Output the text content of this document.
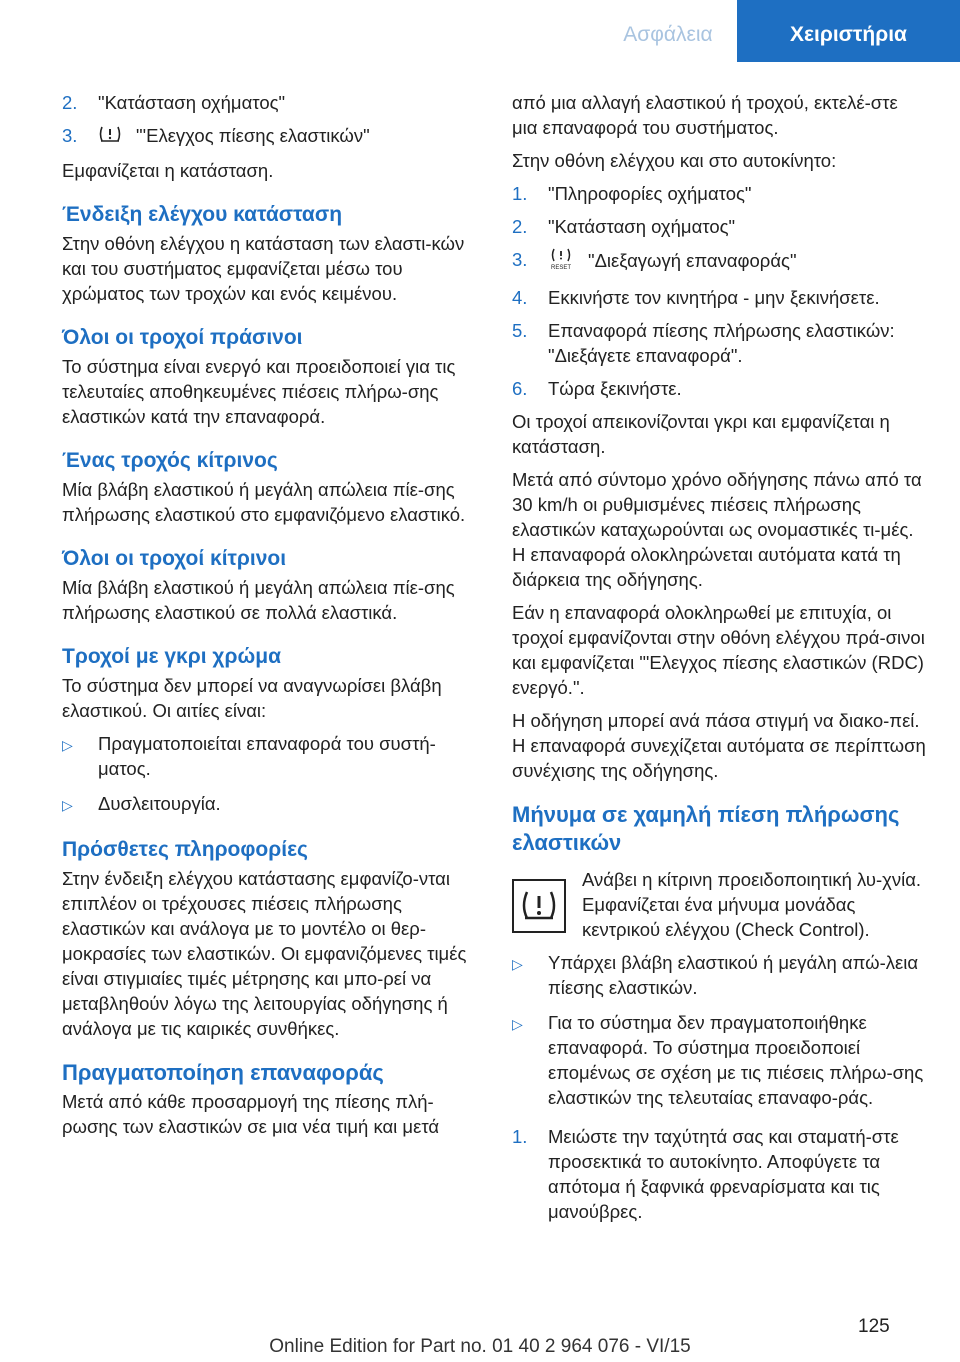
Ασφάλεια	Χειριστήρια
2.	"Κατάσταση οχήματος"
3.	"'Ελεγχος πίεσης ελαστικών"
Εμφανίζεται η κατάσταση.
Ένδειξη ελέγχου κατάσταση
Στην οθόνη ελέγχου η κατάσταση των ελαστι‐κών και του συστήματος εμφανίζεται μέσω του χρώματος των τροχών και ενός κειμένου.
Όλοι οι τροχοί πράσινοι
Το σύστημα είναι ενεργό και προειδοποιεί για τις τελευταίες αποθηκευμένες πιέσεις πλήρω‐σης ελαστικών κατά την επαναφορά.
Ένας τροχός κίτρινος
Μία βλάβη ελαστικού ή μεγάλη απώλεια πίε‐σης πλήρωσης ελαστικού στο εμφανιζόμενο ελαστικό.
Όλοι οι τροχοί κίτρινοι
Μία βλάβη ελαστικού ή μεγάλη απώλεια πίε‐σης πλήρωσης ελαστικού σε πολλά ελαστικά.
Τροχοί με γκρι χρώμα
Το σύστημα δεν μπορεί να αναγνωρίσει βλάβη ελαστικού. Οι αιτίες είναι:
▷	Πραγματοποιείται επαναφορά του συστή‐ματος.
▷	Δυσλειτουργία.
Πρόσθετες πληροφορίες
Στην ένδειξη ελέγχου κατάστασης εμφανίζο‐νται επιπλέον οι τρέχουσες πιέσεις πλήρωσης ελαστικών και ανάλογα με το μοντέλο οι θερ‐μοκρασίες των ελαστικών. Οι εμφανιζόμενες τιμές είναι στιγμιαίες τιμές μέτρησης και μπο‐ρεί να μεταβληθούν λόγω της λειτουργίας οδήγησης ή ανάλογα με τις καιρικές συνθήκες.
Πραγματοποίηση επαναφοράς
Μετά από κάθε προσαρμογή της πίεσης πλή‐ρωσης των ελαστικών σε μια νέα τιμή και μετά
από μια αλλαγή ελαστικού ή τροχού, εκτελέ‐στε μια επαναφορά του συστήματος.
Στην οθόνη ελέγχου και στο αυτοκίνητο:
1.	"Πληροφορίες οχήματος"
2.	"Κατάσταση οχήματος"
3.	RESET "Διεξαγωγή επαναφοράς"
4.	Εκκινήστε τον κινητήρα - μην ξεκινήσετε.
5.	Επαναφορά πίεσης πλήρωσης ελαστικών: "Διεξάγετε επαναφορά".
6.	Τώρα ξεκινήστε.
Οι τροχοί απεικονίζονται γκρι και εμφανίζεται η κατάσταση.
Μετά από σύντομο χρόνο οδήγησης πάνω από τα 30 km/h οι ρυθμισμένες πιέσεις πλήρωσης ελαστικών καταχωρούνται ως ονομαστικές τι‐μές. Η επαναφορά ολοκληρώνεται αυτόματα κατά τη διάρκεια της οδήγησης.
Εάν η επαναφορά ολοκληρωθεί με επιτυχία, οι τροχοί εμφανίζονται στην οθόνη ελέγχου πρά‐σινοι και εμφανίζεται "'Ελεγχος πίεσης ελαστικών (RDC) ενεργό.".
Η οδήγηση μπορεί ανά πάσα στιγμή να διακο‐πεί. Η επαναφορά συνεχίζεται αυτόματα σε περίπτωση συνέχισης της οδήγησης.
Μήνυμα σε χαμηλή πίεση πλήρωσης ελαστικών
Ανάβει η κίτρινη προειδοποιητική λυ‐χνία. Εμφανίζεται ένα μήνυμα μονάδας κεντρικού ελέγχου (Check Control).
▷	Υπάρχει βλάβη ελαστικού ή μεγάλη απώ‐λεια πίεσης ελαστικών.
▷	Για το σύστημα δεν πραγματοποιήθηκε επαναφορά. Το σύστημα προειδοποιεί επομένως σε σχέση με τις πιέσεις πλήρω‐σης ελαστικών της τελευταίας επαναφο‐ράς.
1.	Μειώστε την ταχύτητά σας και σταματή‐στε προσεκτικά το αυτοκίνητο. Αποφύγετε τα απότομα ή ξαφνικά φρεναρίσματα και τις μανούβρες.
125
Online Edition for Part no. 01 40 2 964 076 - VI/15
